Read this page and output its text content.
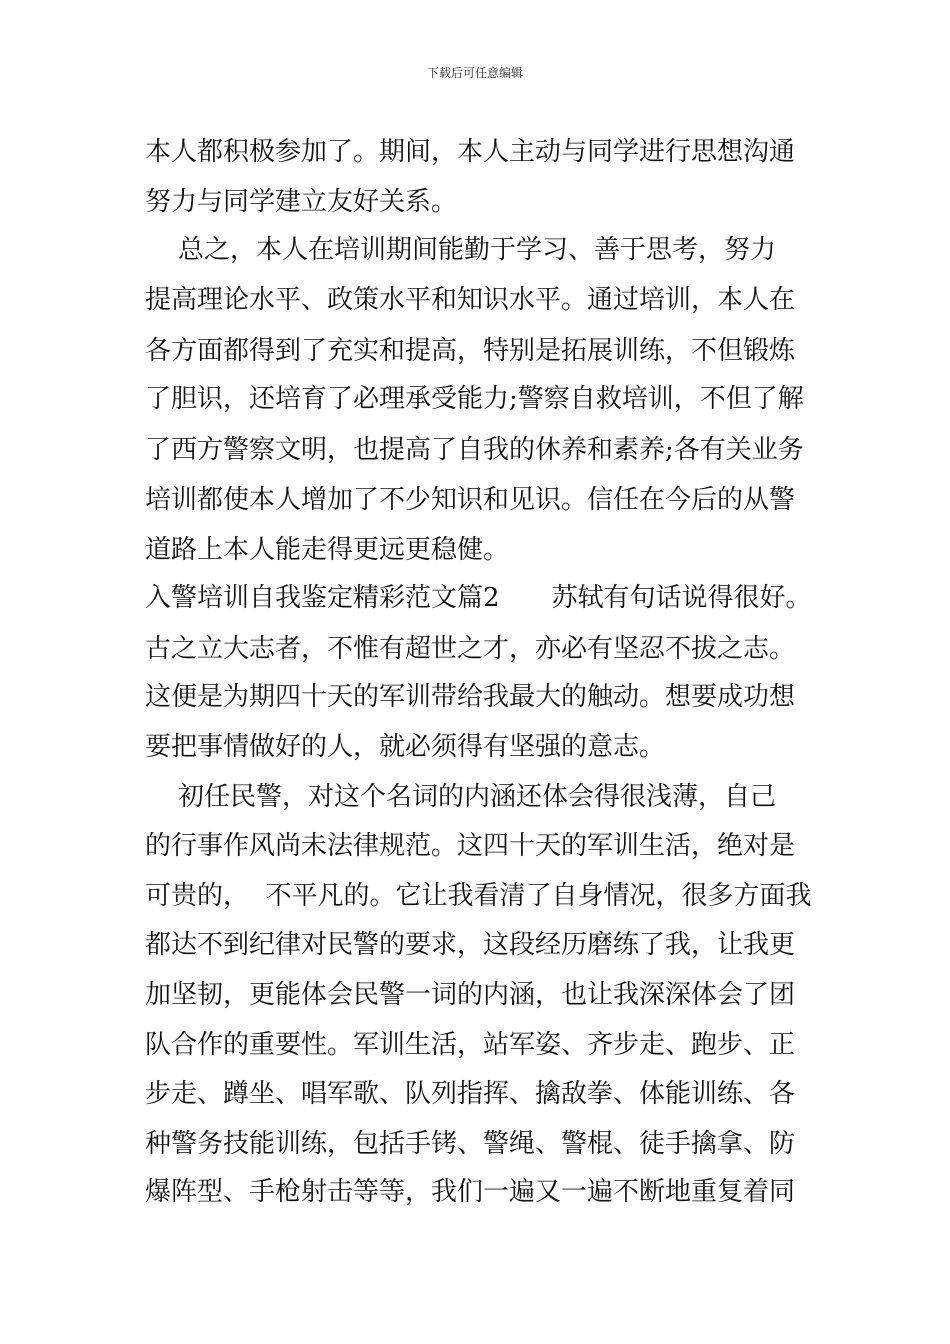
下载后可任意编辑
本人都积极参加了。期间，本人主动与同学进行思想沟通
努力与同学建立友好关系。
总之，本人在培训期间能勤于学习、善于思考，努力
提高理论水平、政策水平和知识水平。通过培训，本人在
各方面都得到了充实和提高，特别是拓展训练，不但锻炼
了胆识，还培育了必理承受能力;警察自救培训，不但了解
了西方警察文明，也提高了自我的休养和素养;各有关业务
培训都使本人增加了不少知识和见识。信任在今后的从警
道路上本人能走得更远更稳健。
入警培训自我鉴定精彩范文篇2　　苏轼有句话说得很好。
古之立大志者，不惟有超世之才，亦必有坚忍不拔之志。
这便是为期四十天的军训带给我最大的触动。想要成功想
要把事情做好的人，就必须得有坚强的意志。
初任民警，对这个名词的内涵还体会得很浅薄，自己
的行事作风尚未法律规范。这四十天的军训生活，绝对是
可贵的，  不平凡的。它让我看清了自身情况，很多方面我
都达不到纪律对民警的要求，这段经历磨练了我，让我更
加坚韧，更能体会民警一词的内涵，也让我深深体会了团
队合作的重要性。军训生活，站军姿、齐步走、跑步、正
步走、蹲坐、唱军歌、队列指挥、擒敌拳、体能训练、各
种警务技能训练，包括手铐、警绳、警棍、徒手擒拿、防
爆阵型、手枪射击等等，我们一遍又一遍不断地重复着同
